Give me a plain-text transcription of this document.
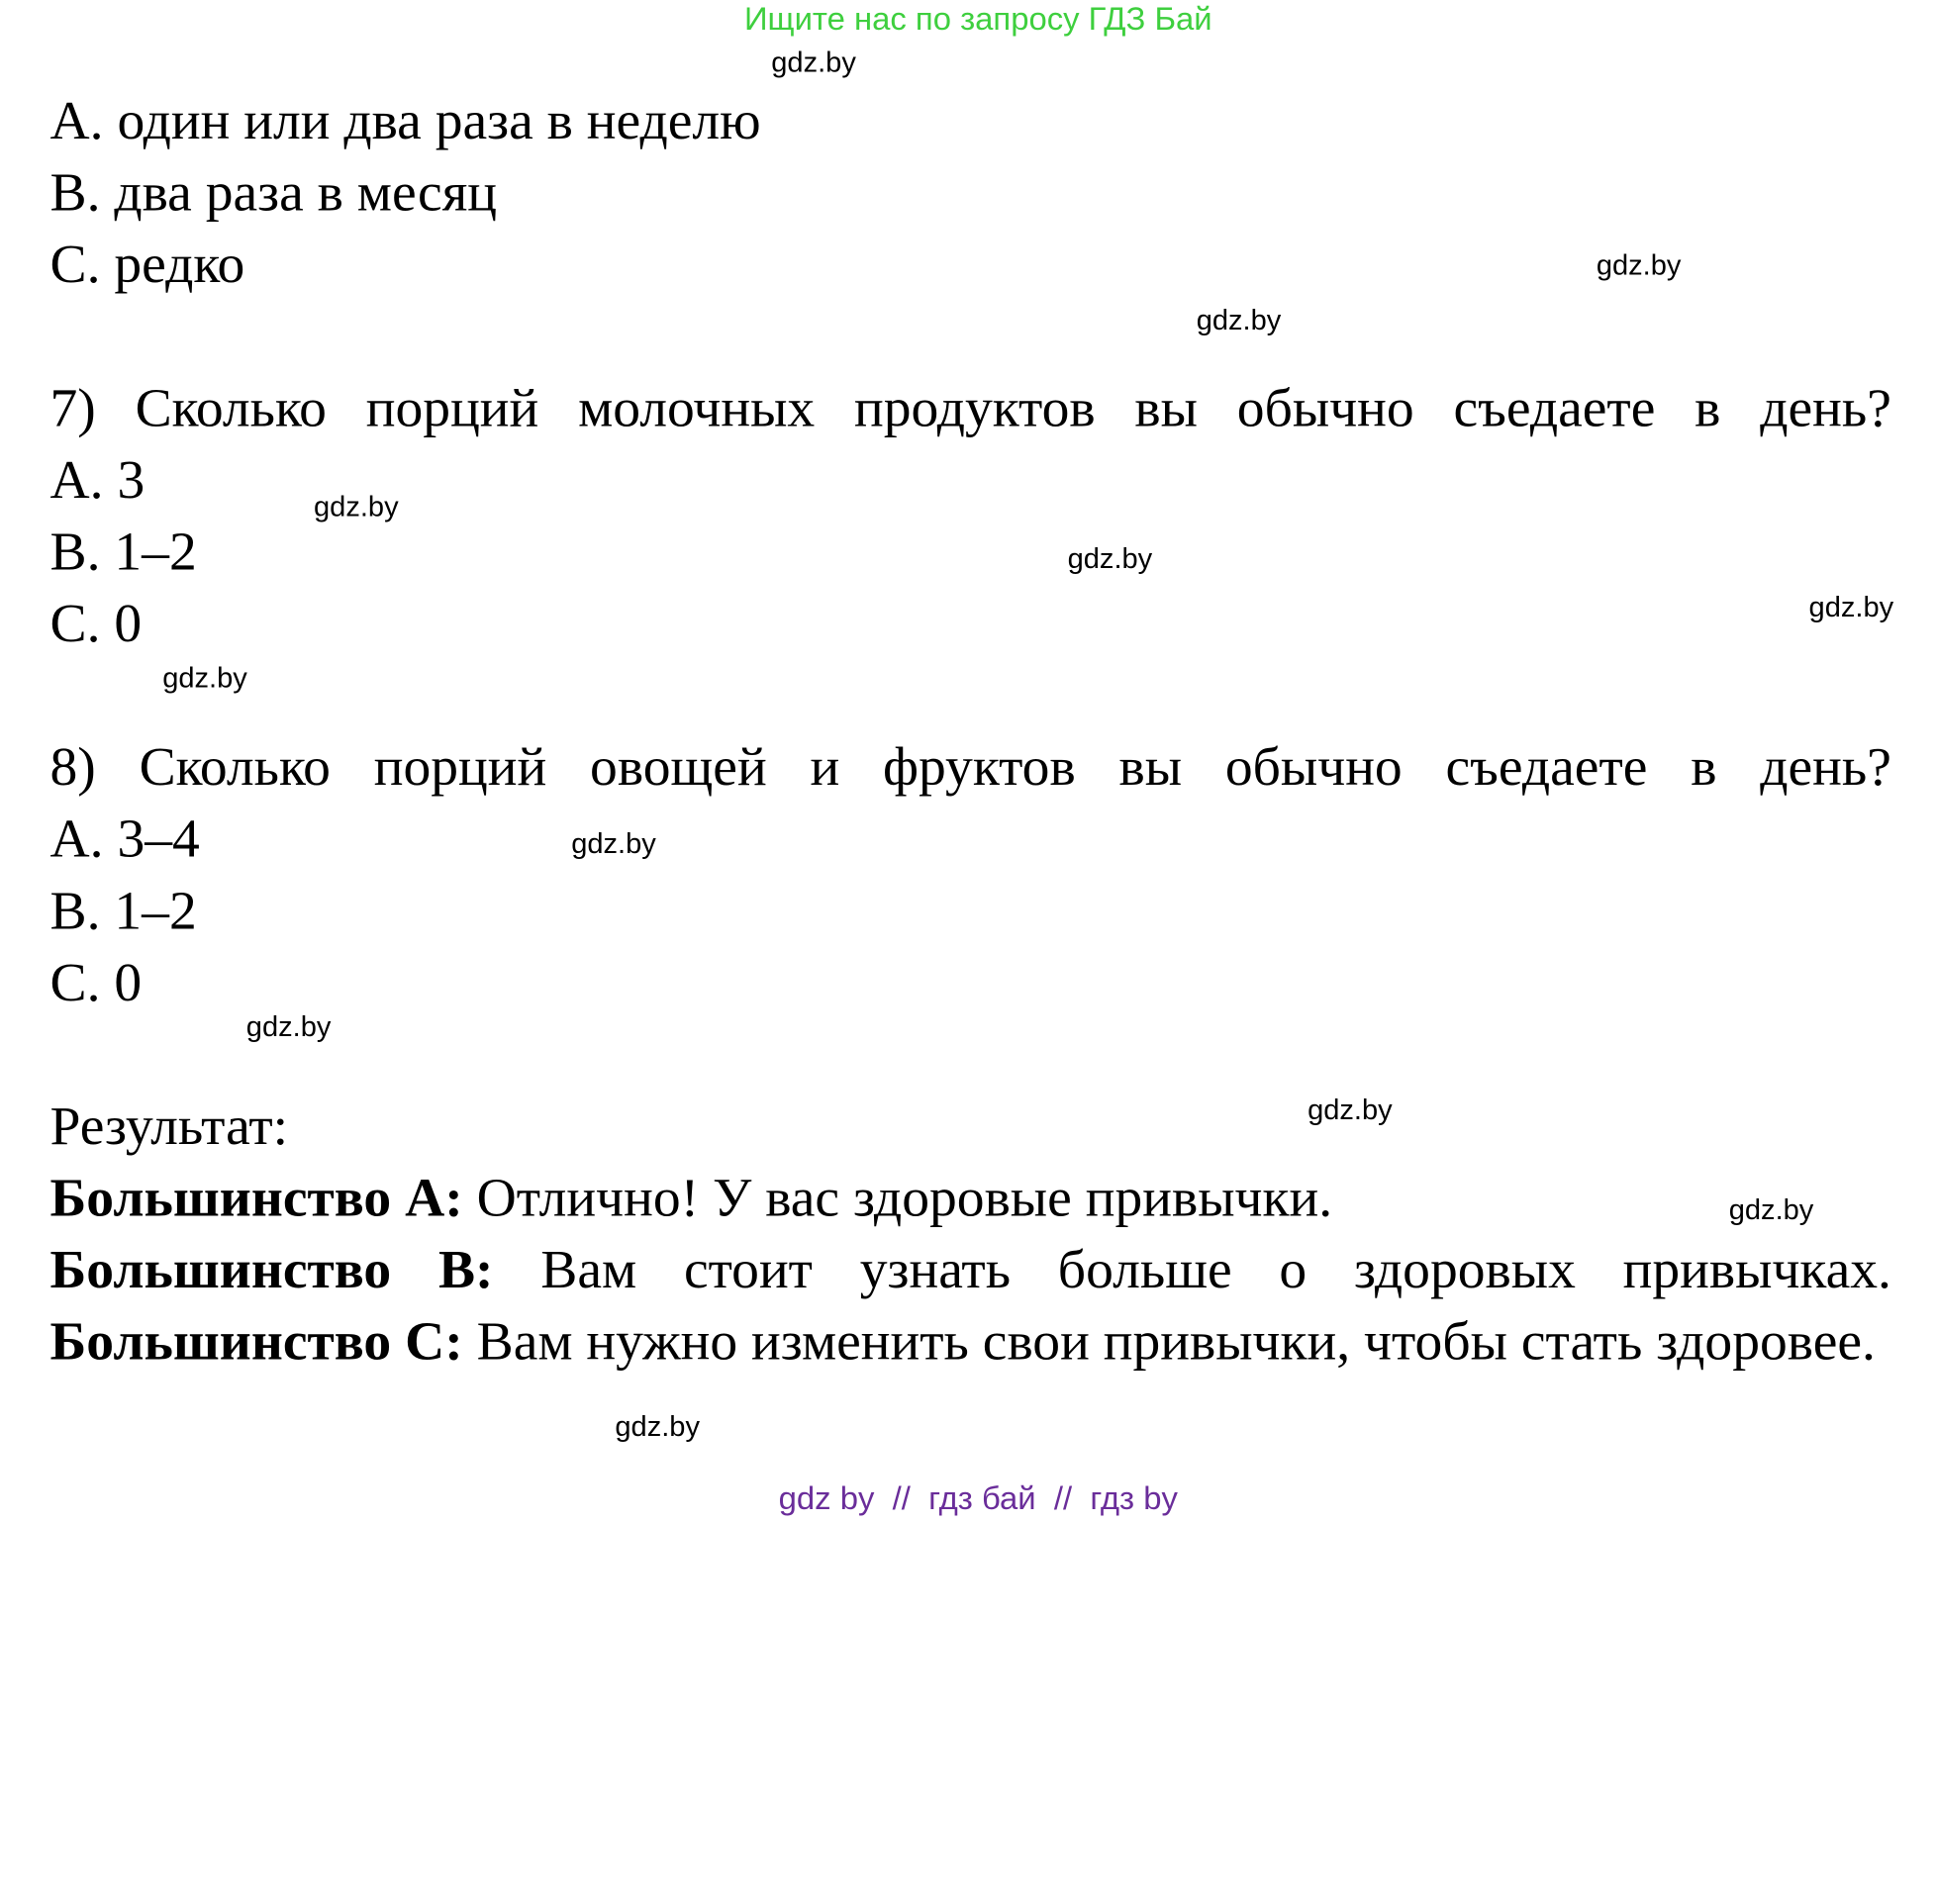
Ищите нас по запросу ГДЗ Бай
A. один или два раза в неделю
B. два раза в месяц
C. редко
7) Сколько порций молочных продуктов вы обычно съедаете в день?
A. 3
B. 1–2
C. 0
8) Сколько порций овощей и фруктов вы обычно съедаете в день?
A. 3–4
B. 1–2
C. 0
Результат:
Большинство A: Отлично! У вас здоровые привычки.
Большинство B: Вам стоит узнать больше о здоровых привычках.
Большинство C: Вам нужно изменить свои привычки, чтобы стать здоровее.
gdz.by
gdz.by
gdz.by
gdz.by
gdz.by
gdz.by
gdz.by
gdz.by
gdz.by
gdz.by
gdz.by
gdz.by
gdz by  //  гдз бай  //  гдз by
